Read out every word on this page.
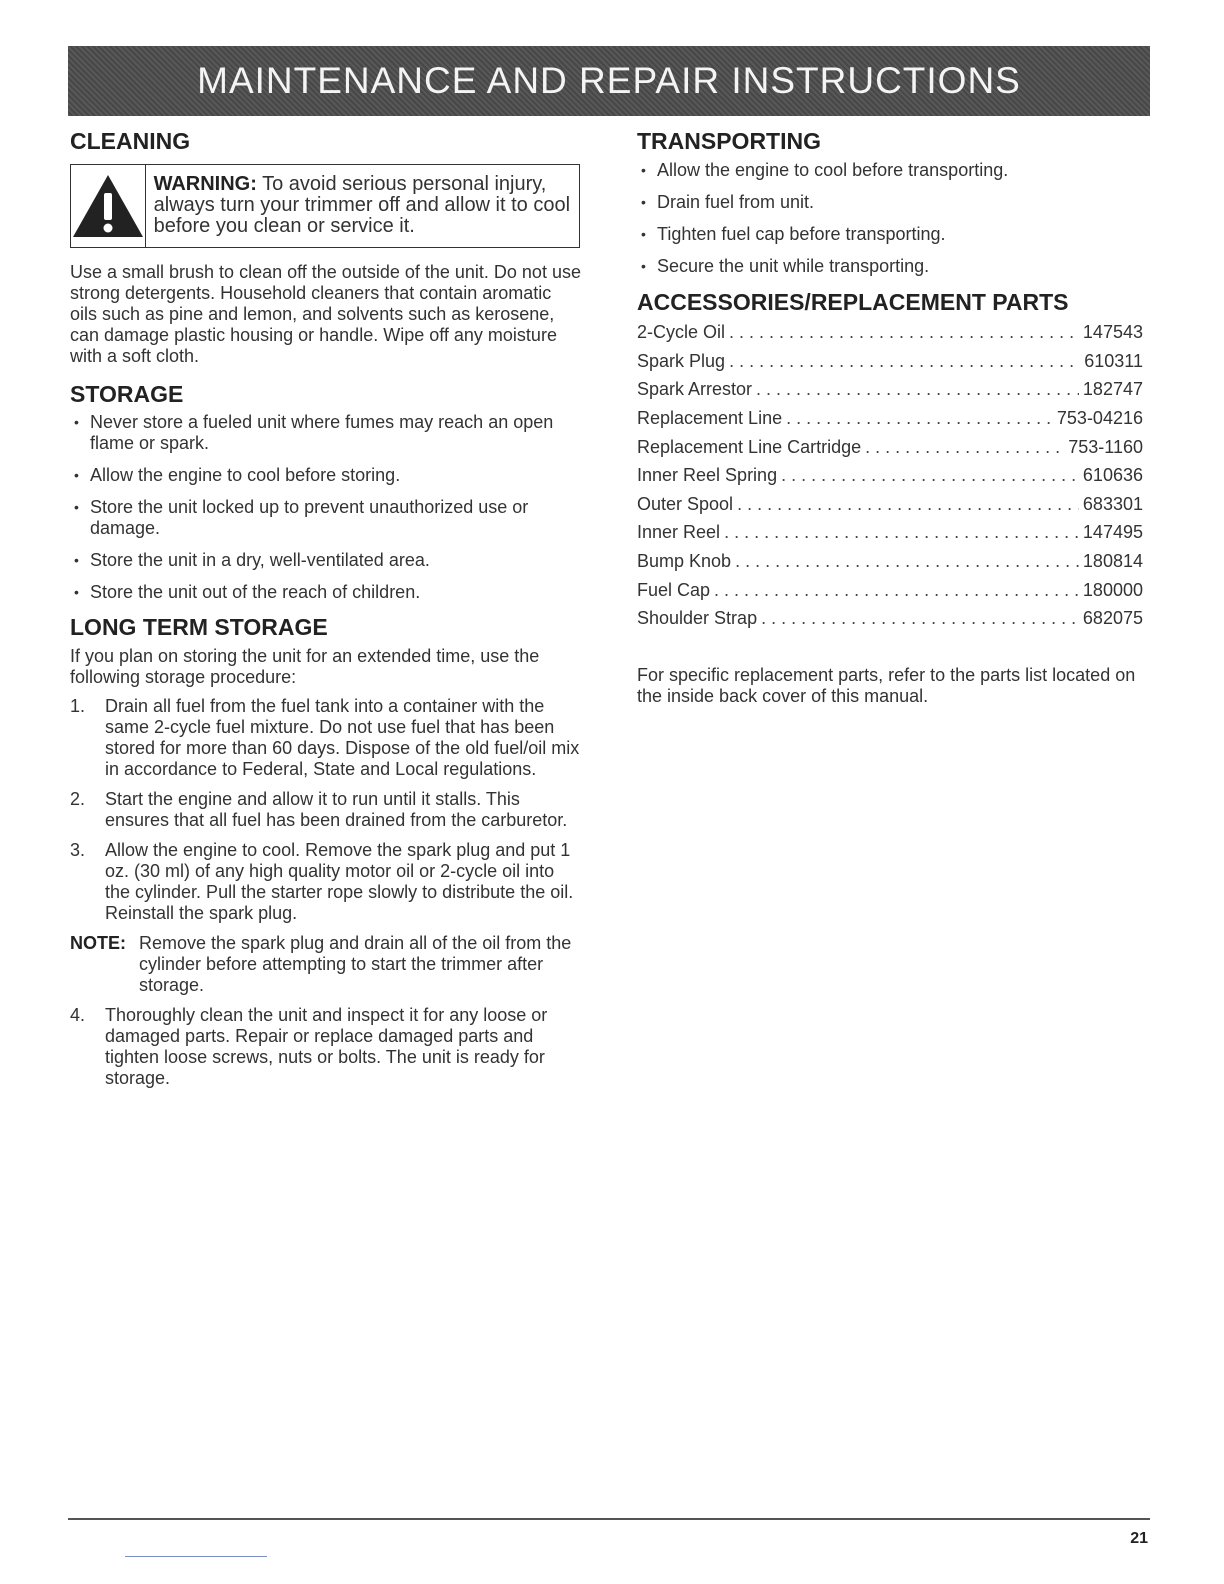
MAINTENANCE AND REPAIR INSTRUCTIONS
CLEANING
WARNING: To avoid serious personal injury, always turn your trimmer off and allow it to cool before you clean or service it.

Use a small brush to clean off the outside of the unit. Do not use strong detergents. Household cleaners that contain aromatic oils such as pine and lemon, and solvents such as kerosene, can damage plastic housing or handle. Wipe off any moisture with a soft cloth.

STORAGE
• Never store a fueled unit where fumes may reach an open flame or spark.
• Allow the engine to cool before storing.
• Store the unit locked up to prevent unauthorized use or damage.
• Store the unit in a dry, well-ventilated area.
• Store the unit out of the reach of children.
LONG TERM STORAGE

If you plan on storing the unit for an extended time, use the following storage procedure:

1.	Drain all fuel from the fuel tank into a container with the same 2-cycle fuel mixture. Do not use fuel that has been stored for more than 60 days. Dispose of the old fuel/oil mix in accordance to Federal, State and Local regulations.
2.	Start the engine and allow it to run until it stalls. This ensures that all fuel has been drained from the carburetor.
3.	Allow the engine to cool. Remove the spark plug and put 1 oz. (30 ml) of any high quality motor oil or 2-cycle oil into the cylinder. Pull the starter rope slowly to distribute the oil. Reinstall the spark plug.
NOTE: Remove the spark plug and drain all of the oil from the cylinder before attempting to start the trimmer after storage.
4.	Thoroughly clean the unit and inspect it for any loose or damaged parts. Repair or replace damaged parts and tighten loose screws, nuts or bolts. The unit is ready for storage.
TRANSPORTING
• Allow the engine to cool before transporting.
• Drain fuel from unit.
• Tighten fuel cap before transporting.
• Secure the unit while transporting.
ACCESSORIES/REPLACEMENT PARTS
2-Cycle Oil . . .	147543
Spark Plug . . .	610311
Spark Arrestor . . .	182747
Replacement Line . . .	753-04216
Replacement Line Cartridge . . .	753-1160
Inner Reel Spring . . .	610636
Outer Spool . . .	683301
Inner Reel . . .	147495
Bump Knob . . .	180814
Fuel Cap . . .	180000
Shoulder Strap . . .	682075

For specific replacement parts, refer to the parts list located on the inside back cover of this manual.

21
